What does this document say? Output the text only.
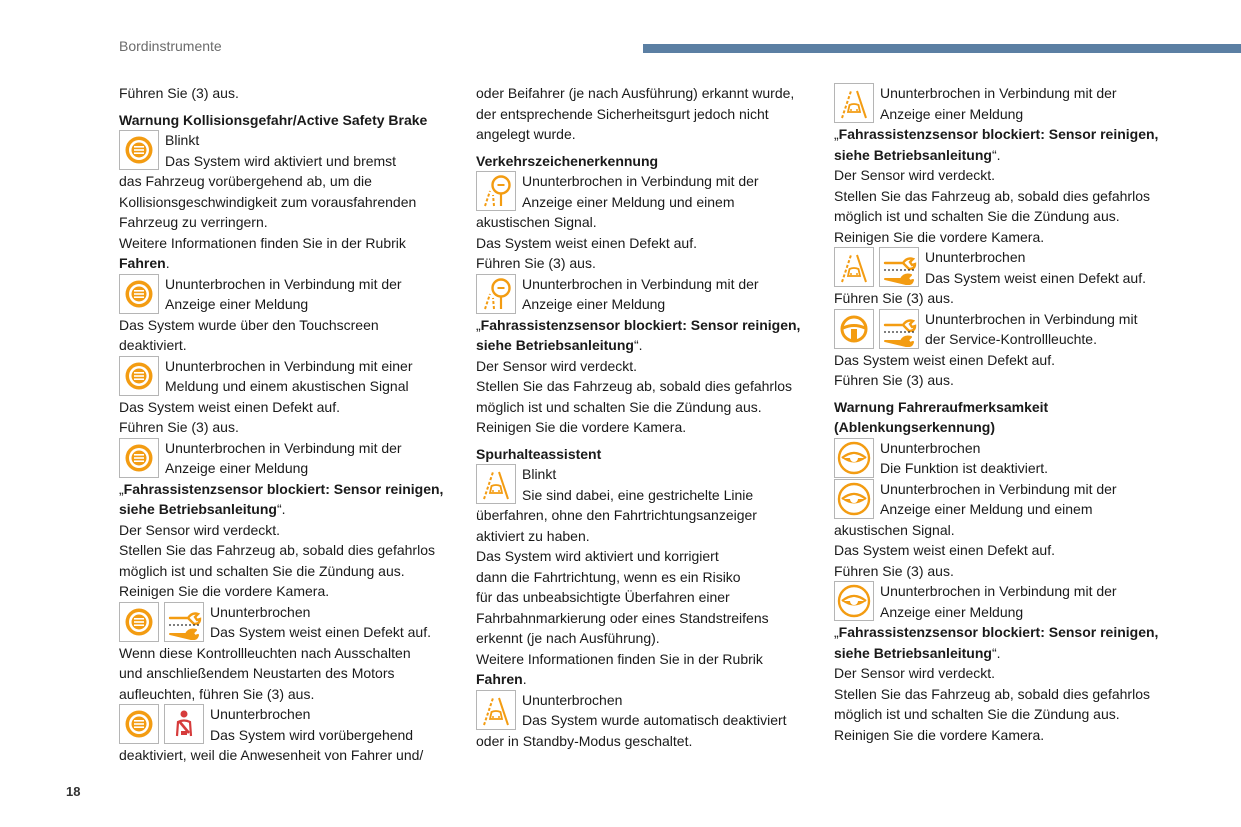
Bordinstrumente
Führen Sie (3) aus.
Warnung Kollisionsgefahr/Active Safety Brake
Blinkt
Das System wird aktiviert und bremst
das Fahrzeug vorübergehend ab, um die
Kollisionsgeschwindigkeit zum vorausfahrenden
Fahrzeug zu verringern.
Weitere Informationen finden Sie in der Rubrik
Fahren.
Ununterbrochen in Verbindung mit der
Anzeige einer Meldung
Das System wurde über den Touchscreen
deaktiviert.
Ununterbrochen in Verbindung mit einer
Meldung und einem akustischen Signal
Das System weist einen Defekt auf.
Führen Sie (3) aus.
Ununterbrochen in Verbindung mit der
Anzeige einer Meldung
„Fahrassistenzsensor blockiert: Sensor reinigen,
siehe Betriebsanleitung“.
Der Sensor wird verdeckt.
Stellen Sie das Fahrzeug ab, sobald dies gefahrlos
möglich ist und schalten Sie die Zündung aus.
Reinigen Sie die vordere Kamera.
Ununterbrochen
Das System weist einen Defekt auf.
Wenn diese Kontrollleuchten nach Ausschalten
und anschließendem Neustarten des Motors
aufleuchten, führen Sie (3) aus.
Ununterbrochen
Das System wird vorübergehend
deaktiviert, weil die Anwesenheit von Fahrer und/
oder Beifahrer (je nach Ausführung) erkannt wurde,
der entsprechende Sicherheitsgurt jedoch nicht
angelegt wurde.
Verkehrszeichenerkennung
Ununterbrochen in Verbindung mit der
Anzeige einer Meldung und einem
akustischen Signal.
Das System weist einen Defekt auf.
Führen Sie (3) aus.
Ununterbrochen in Verbindung mit der
Anzeige einer Meldung
„Fahrassistenzsensor blockiert: Sensor reinigen,
siehe Betriebsanleitung“.
Der Sensor wird verdeckt.
Stellen Sie das Fahrzeug ab, sobald dies gefahrlos
möglich ist und schalten Sie die Zündung aus.
Reinigen Sie die vordere Kamera.
Spurhalteassistent
Blinkt
Sie sind dabei, eine gestrichelte Linie
überfahren, ohne den Fahrtrichtungsanzeiger
aktiviert zu haben.
Das System wird aktiviert und korrigiert
dann die Fahrtrichtung, wenn es ein Risiko
für das unbeabsichtigte Überfahren einer
Fahrbahnmarkierung oder eines Standstreifens
erkennt (je nach Ausführung).
Weitere Informationen finden Sie in der Rubrik
Fahren.
Ununterbrochen
Das System wurde automatisch deaktiviert
oder in Standby-Modus geschaltet.
Ununterbrochen in Verbindung mit der
Anzeige einer Meldung
„Fahrassistenzsensor blockiert: Sensor reinigen,
siehe Betriebsanleitung“.
Der Sensor wird verdeckt.
Stellen Sie das Fahrzeug ab, sobald dies gefahrlos
möglich ist und schalten Sie die Zündung aus.
Reinigen Sie die vordere Kamera.
Ununterbrochen
Das System weist einen Defekt auf.
Führen Sie (3) aus.
Ununterbrochen in Verbindung mit
der Service-Kontrollleuchte.
Das System weist einen Defekt auf.
Führen Sie (3) aus.
Warnung Fahreraufmerksamkeit
(Ablenkungserkennung)
Ununterbrochen
Die Funktion ist deaktiviert.
Ununterbrochen in Verbindung mit der
Anzeige einer Meldung und einem
akustischen Signal.
Das System weist einen Defekt auf.
Führen Sie (3) aus.
Ununterbrochen in Verbindung mit der
Anzeige einer Meldung
„Fahrassistenzsensor blockiert: Sensor reinigen,
siehe Betriebsanleitung“.
Der Sensor wird verdeckt.
Stellen Sie das Fahrzeug ab, sobald dies gefahrlos
möglich ist und schalten Sie die Zündung aus.
Reinigen Sie die vordere Kamera.
18
